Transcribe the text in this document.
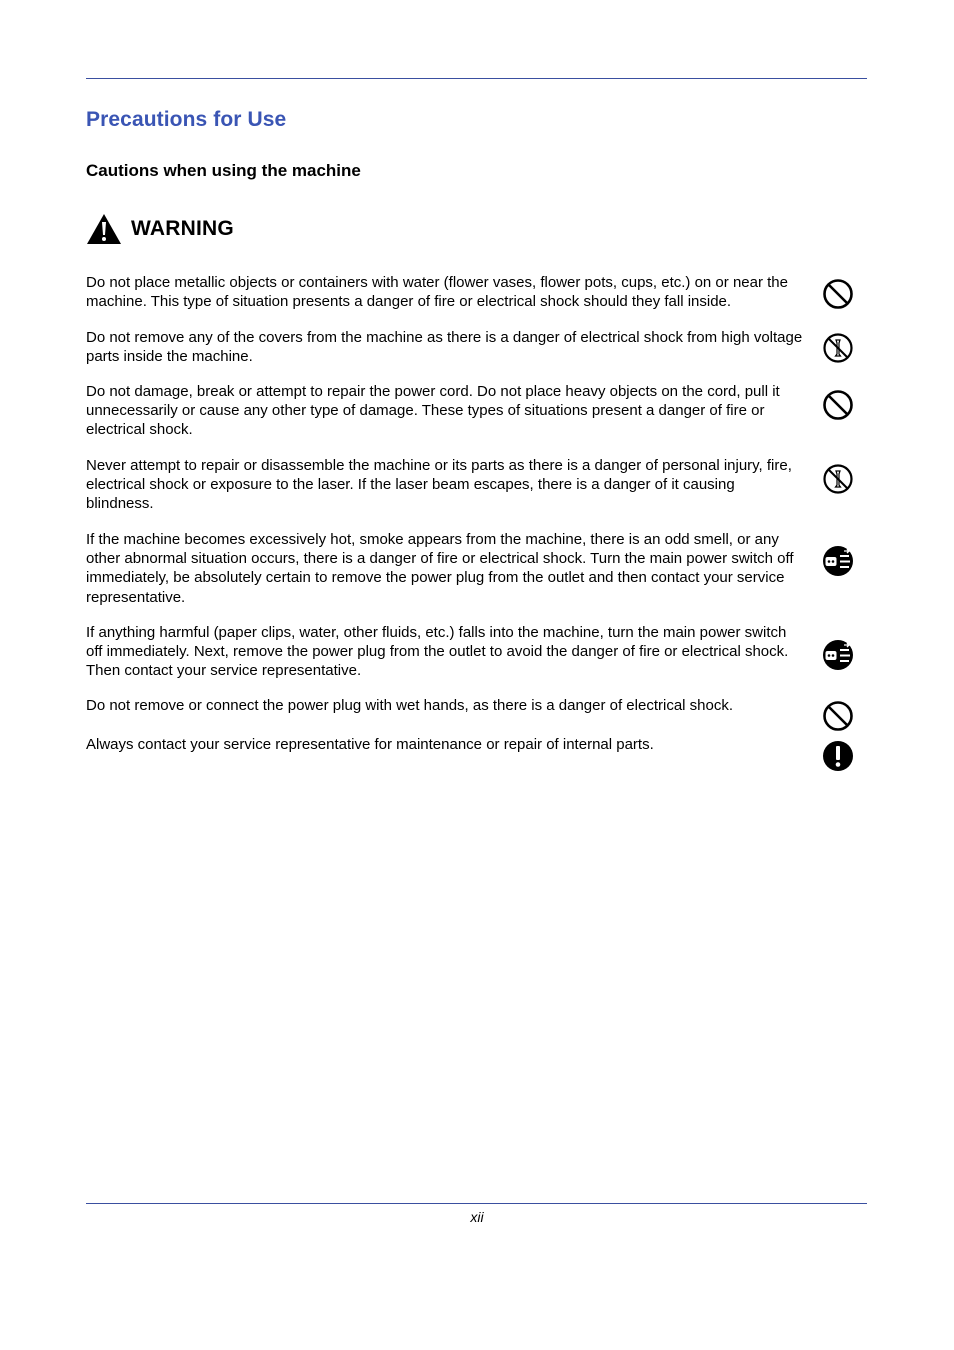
Precautions for Use
Cautions when using the machine
WARNING

Do not place metallic objects or containers with water (flower vases, flower pots, cups, etc.) on or near the machine. This type of situation presents a danger of fire or electrical shock should they fall inside.

Do not remove any of the covers from the machine as there is a danger of electrical shock from high voltage parts inside the machine.

Do not damage, break or attempt to repair the power cord. Do not place heavy objects on the cord, pull it unnecessarily or cause any other type of damage. These types of situations present a danger of fire or electrical shock.

Never attempt to repair or disassemble the machine or its parts as there is a danger of personal injury, fire, electrical shock or exposure to the laser. If the laser beam escapes, there is a danger of it causing blindness.

If the machine becomes excessively hot, smoke appears from the machine, there is an odd smell, or any other abnormal situation occurs, there is a danger of fire or electrical shock. Turn the main power switch off immediately, be absolutely certain to remove the power plug from the outlet and then contact your service representative.

If anything harmful (paper clips, water, other fluids, etc.) falls into the machine, turn the main power switch off immediately. Next, remove the power plug from the outlet to avoid the danger of fire or electrical shock. Then contact your service representative.

Do not remove or connect the power plug with wet hands, as there is a danger of electrical shock.

Always contact your service representative for maintenance or repair of internal parts.

xii
